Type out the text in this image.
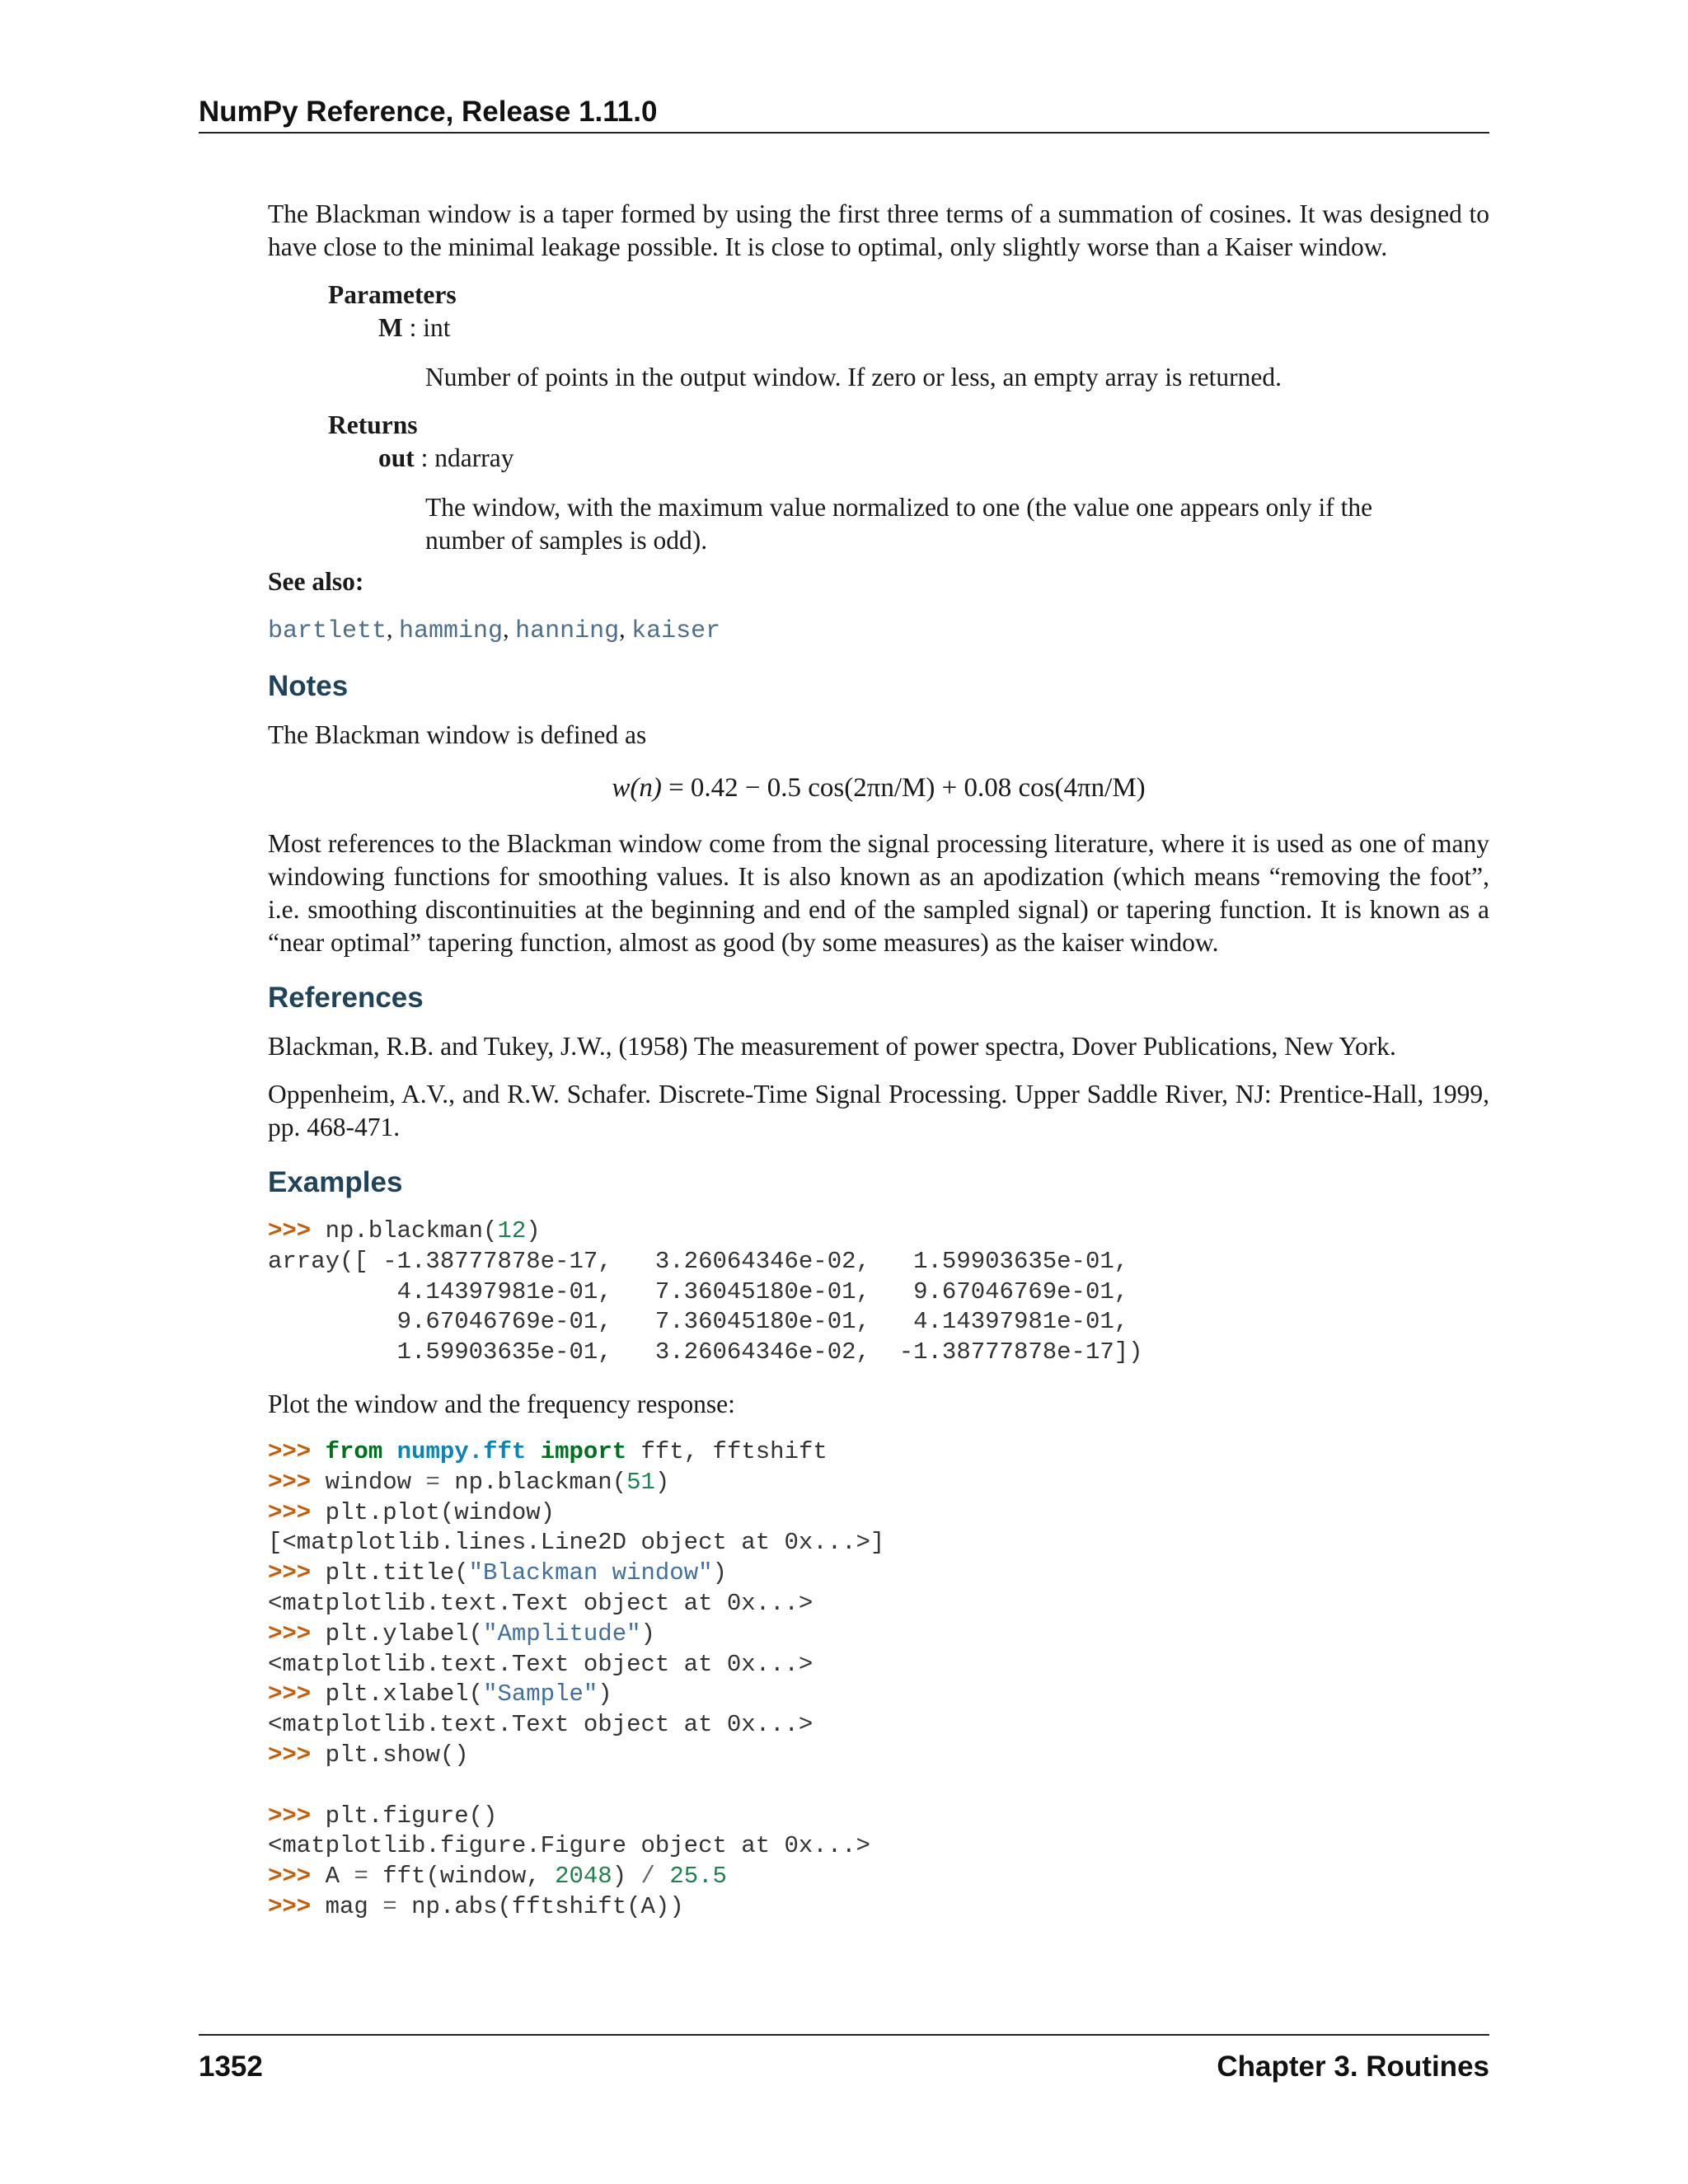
NumPy Reference, Release 1.11.0

The Blackman window is a taper formed by using the first three terms of a summation of cosines. It was designed to have close to the minimal leakage possible. It is close to optimal, only slightly worse than a Kaiser window.

Parameters
M : int

Number of points in the output window. If zero or less, an empty array is returned.

Returns
out : ndarray

The window, with the maximum value normalized to one (the value one appears only if the number of samples is odd).

See also:
bartlett, hamming, hanning, kaiser
Notes

The Blackman window is defined as

w(n) = 0.42 − 0.5 cos(2πn/M) + 0.08 cos(4πn/M)

Most references to the Blackman window come from the signal processing literature, where it is used as one of many windowing functions for smoothing values. It is also known as an apodization (which means “removing the foot”, i.e. smoothing discontinuities at the beginning and end of the sampled signal) or tapering function. It is known as a “near optimal” tapering function, almost as good (by some measures) as the kaiser window.

References

Blackman, R.B. and Tukey, J.W., (1958) The measurement of power spectra, Dover Publications, New York.

Oppenheim, A.V., and R.W. Schafer. Discrete-Time Signal Processing. Upper Saddle River, NJ: Prentice-Hall, 1999, pp. 468-471.

Examples
>>> np.blackman(12)
array([ -1.38777878e-17,   3.26064346e-02,   1.59903635e-01,
4.14397981e-01,   7.36045180e-01,   9.67046769e-01,
9.67046769e-01,   7.36045180e-01,   4.14397981e-01,
1.59903635e-01,   3.26064346e-02,  -1.38777878e-17])

Plot the window and the frequency response:

>>> from numpy.fft import fft, fftshift
>>> window = np.blackman(51)
>>> plt.plot(window)
[<matplotlib.lines.Line2D object at 0x...>]
>>> plt.title("Blackman window")
<matplotlib.text.Text object at 0x...>
>>> plt.ylabel("Amplitude")
<matplotlib.text.Text object at 0x...>
>>> plt.xlabel("Sample")
<matplotlib.text.Text object at 0x...>
>>> plt.show()

>>> plt.figure()
<matplotlib.figure.Figure object at 0x...>
>>> A = fft(window, 2048) / 25.5
>>> mag = np.abs(fftshift(A))
1352	Chapter 3. Routines
